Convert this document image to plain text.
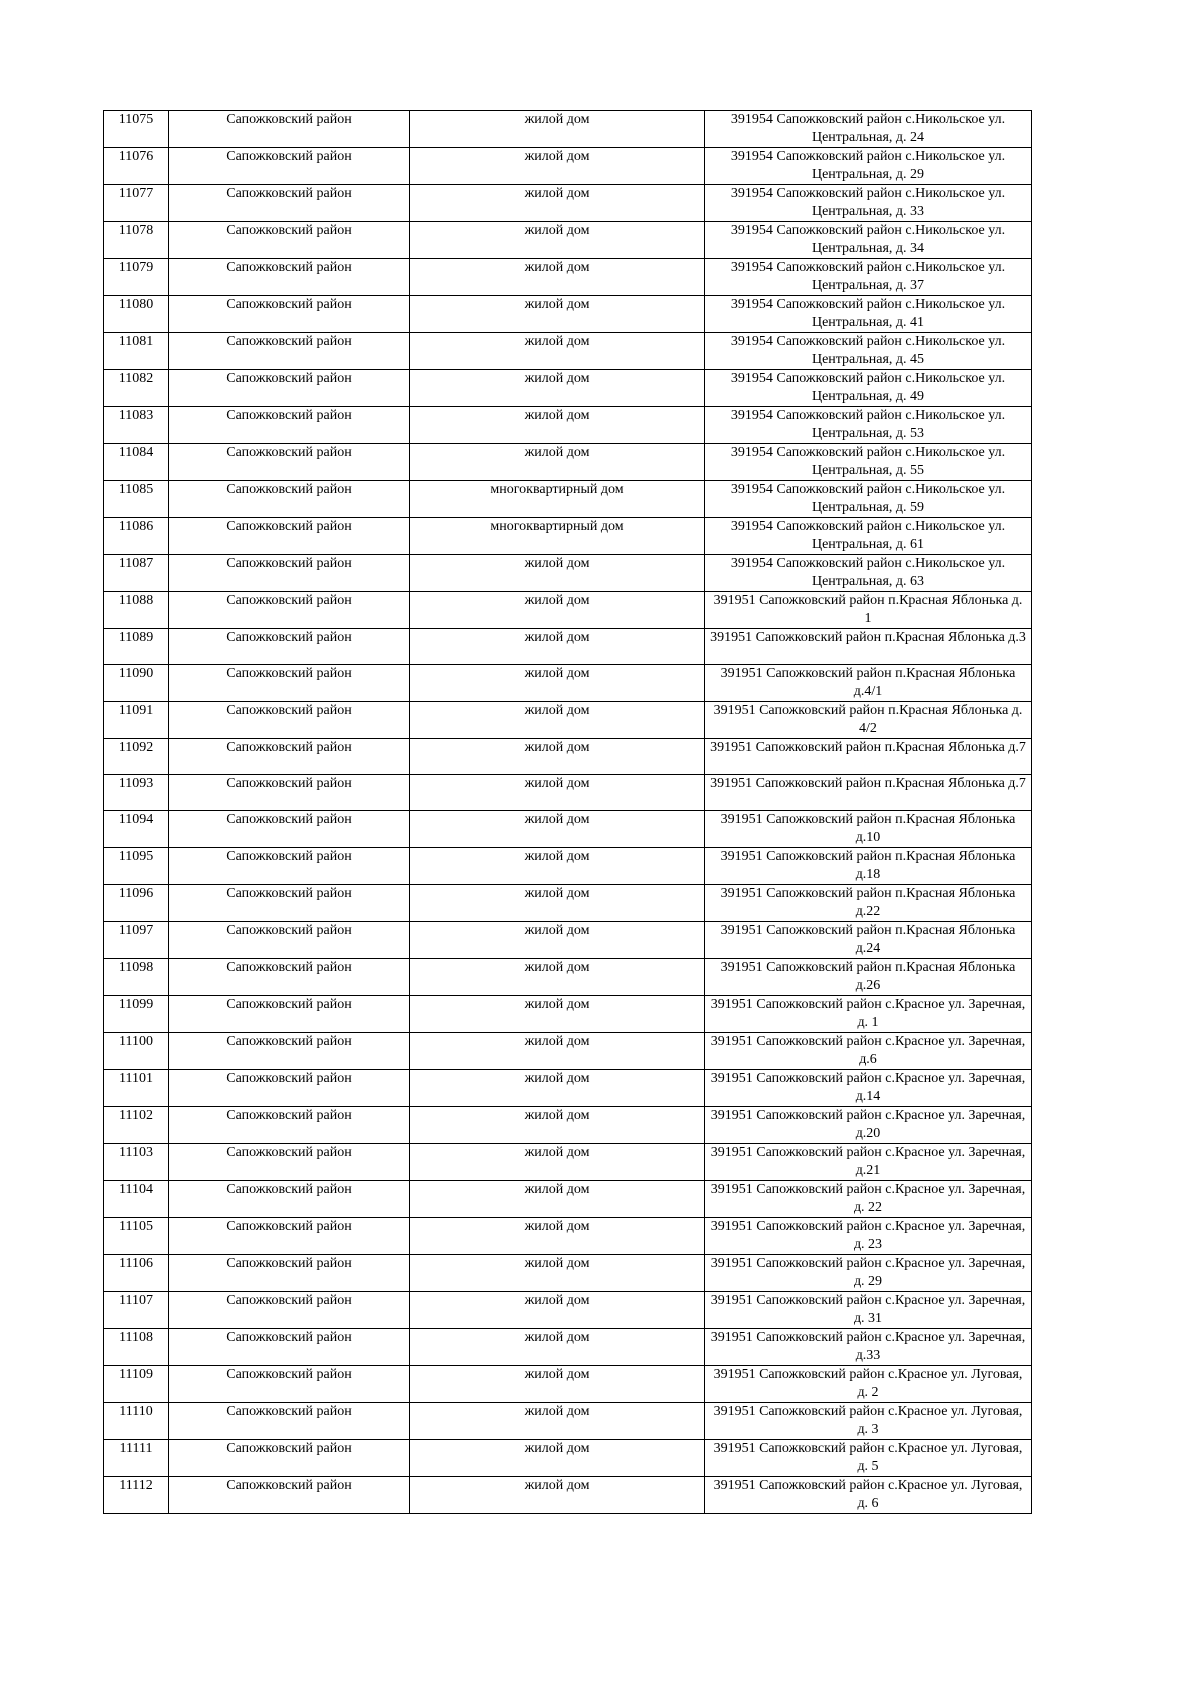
11075	Сапожковский район	жилой дом	391954 Сапожковский район с.Никольское ул. Центральная, д. 24
11076	Сапожковский район	жилой дом	391954 Сапожковский район с.Никольское ул. Центральная, д. 29
11077	Сапожковский район	жилой дом	391954 Сапожковский район с.Никольское ул. Центральная, д. 33
11078	Сапожковский район	жилой дом	391954 Сапожковский район с.Никольское ул. Центральная, д. 34
11079	Сапожковский район	жилой дом	391954 Сапожковский район с.Никольское ул. Центральная, д. 37
11080	Сапожковский район	жилой дом	391954 Сапожковский район с.Никольское ул. Центральная, д. 41
11081	Сапожковский район	жилой дом	391954 Сапожковский район с.Никольское ул. Центральная, д. 45
11082	Сапожковский район	жилой дом	391954 Сапожковский район с.Никольское ул. Центральная, д. 49
11083	Сапожковский район	жилой дом	391954 Сапожковский район с.Никольское ул. Центральная, д. 53
11084	Сапожковский район	жилой дом	391954 Сапожковский район с.Никольское ул. Центральная, д. 55
11085	Сапожковский район	многоквартирный дом	391954 Сапожковский район с.Никольское ул. Центральная, д. 59
11086	Сапожковский район	многоквартирный дом	391954 Сапожковский район с.Никольское ул. Центральная, д. 61
11087	Сапожковский район	жилой дом	391954 Сапожковский район с.Никольское ул. Центральная, д. 63
11088	Сапожковский район	жилой дом	391951 Сапожковский район п.Красная Яблонька д. 1
11089	Сапожковский район	жилой дом	391951 Сапожковский район п.Красная Яблонька д.3
11090	Сапожковский район	жилой дом	391951 Сапожковский район п.Красная Яблонька д.4/1
11091	Сапожковский район	жилой дом	391951 Сапожковский район п.Красная Яблонька д. 4/2
11092	Сапожковский район	жилой дом	391951 Сапожковский район п.Красная Яблонька д.7
11093	Сапожковский район	жилой дом	391951 Сапожковский район п.Красная Яблонька д.7
11094	Сапожковский район	жилой дом	391951 Сапожковский район п.Красная Яблонька д.10
11095	Сапожковский район	жилой дом	391951 Сапожковский район п.Красная Яблонька д.18
11096	Сапожковский район	жилой дом	391951 Сапожковский район п.Красная Яблонька д.22
11097	Сапожковский район	жилой дом	391951 Сапожковский район п.Красная Яблонька д.24
11098	Сапожковский район	жилой дом	391951 Сапожковский район п.Красная Яблонька д.26
11099	Сапожковский район	жилой дом	391951 Сапожковский район с.Красное ул. Заречная, д. 1
11100	Сапожковский район	жилой дом	391951 Сапожковский район с.Красное ул. Заречная, д.6
11101	Сапожковский район	жилой дом	391951 Сапожковский район с.Красное ул. Заречная, д.14
11102	Сапожковский район	жилой дом	391951 Сапожковский район с.Красное ул. Заречная, д.20
11103	Сапожковский район	жилой дом	391951 Сапожковский район с.Красное ул. Заречная, д.21
11104	Сапожковский район	жилой дом	391951 Сапожковский район с.Красное ул. Заречная, д. 22
11105	Сапожковский район	жилой дом	391951 Сапожковский район с.Красное ул. Заречная, д. 23
11106	Сапожковский район	жилой дом	391951 Сапожковский район с.Красное ул. Заречная, д. 29
11107	Сапожковский район	жилой дом	391951 Сапожковский район с.Красное ул. Заречная, д. 31
11108	Сапожковский район	жилой дом	391951 Сапожковский район с.Красное ул. Заречная, д.33
11109	Сапожковский район	жилой дом	391951 Сапожковский район с.Красное ул. Луговая, д. 2
11110	Сапожковский район	жилой дом	391951 Сапожковский район с.Красное ул. Луговая, д. 3
11111	Сапожковский район	жилой дом	391951 Сапожковский район с.Красное ул. Луговая, д. 5
11112	Сапожковский район	жилой дом	391951 Сапожковский район с.Красное ул. Луговая, д. 6
